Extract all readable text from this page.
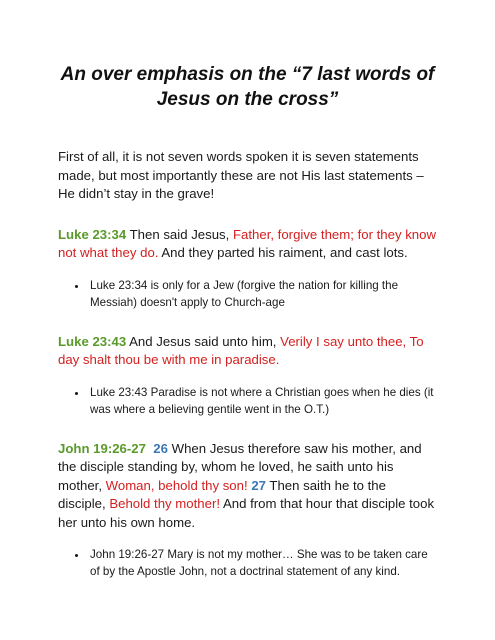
An over emphasis on the “7 last words of Jesus on the cross”

First of all, it is not seven words spoken it is seven statements made, but most importantly these are not His last statements – He didn’t stay in the grave!

Luke 23:34 Then said Jesus, Father, forgive them; for they know not what they do. And they parted his raiment, and cast lots.

• Luke 23:34 is only for a Jew (forgive the nation for killing the Messiah) doesn't apply to Church-age

Luke 23:43 And Jesus said unto him, Verily I say unto thee, To day shalt thou be with me in paradise.

• Luke 23:43 Paradise is not where a Christian goes when he dies (it was where a believing gentile went in the O.T.)

John 19:26-27 26 When Jesus therefore saw his mother, and the disciple standing by, whom he loved, he saith unto his mother, Woman, behold thy son! 27 Then saith he to the disciple, Behold thy mother! And from that hour that disciple took her unto his own home.

• John 19:26-27 Mary is not my mother… She was to be taken care of by the Apostle John, not a doctrinal statement of any kind.
